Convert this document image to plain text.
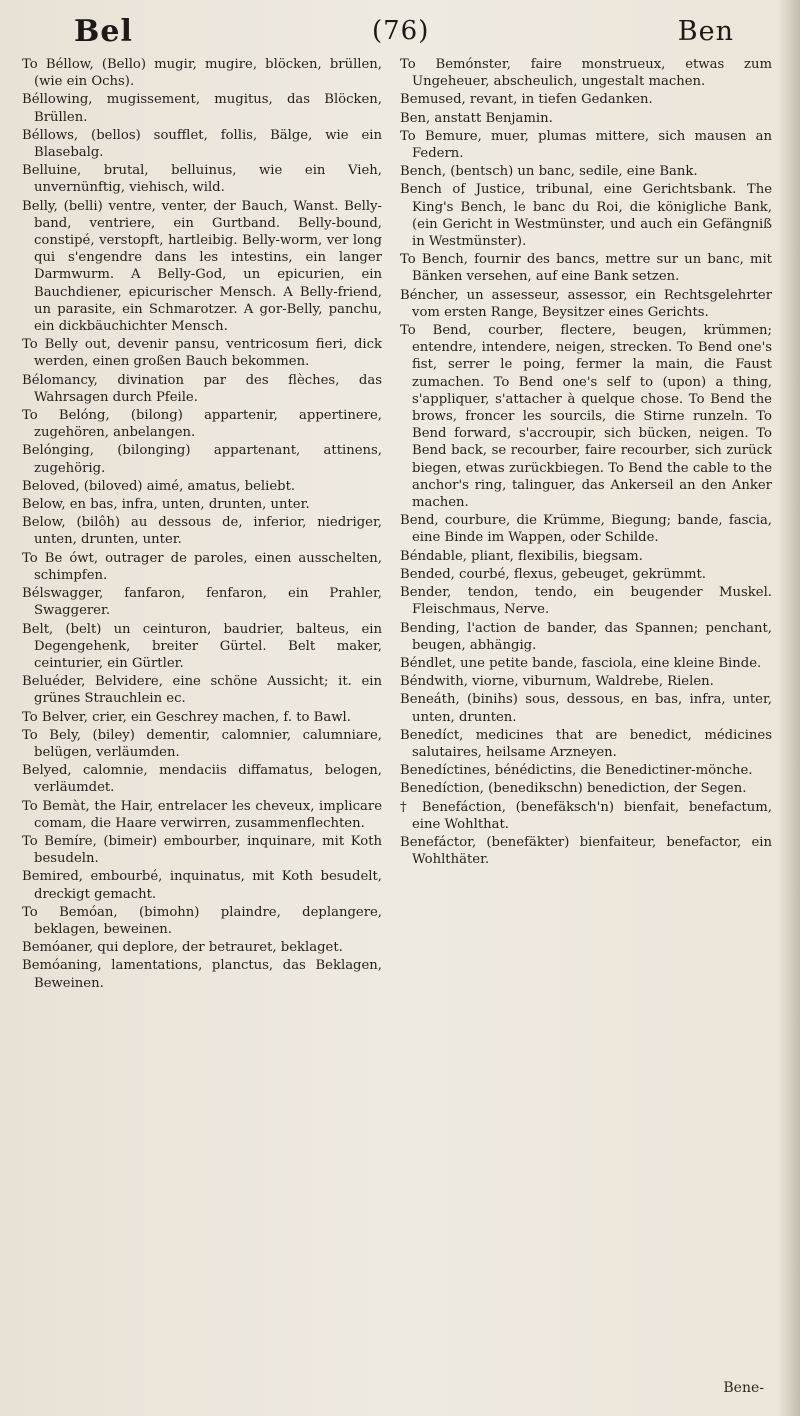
Bel	(76)	Ben

To Béllow, (Bello) mugir, mugire, blöcken, brüllen, (wie ein Ochs).

Béllowing, mugissement, mugitus, das Blöcken, Brüllen.

Béllows, (bellos) soufflet, follis, Bälge, wie ein Blasebalg.

Belluine, brutal, belluinus, wie ein Vieh, unvernünftig, viehisch, wild.

Belly, (belli) ventre, venter, der Bauch, Wanst. Belly-band, ventriere, ein Gurtband. Belly-bound, constipé, verstopft, hartleibig. Belly-worm, ver long qui s'engendre dans les intestins, ein langer Darmwurm. A Belly-God, un epicurien, ein Bauchdiener, epicurischer Mensch. A Belly-friend, un parasite, ein Schmarotzer. A gor-Belly, panchu, ein dickbäuchichter Mensch.

To Belly out, devenir pansu, ventricosum fieri, dick werden, einen großen Bauch bekommen.

Bélomancy, divination par des flèches, das Wahrsagen durch Pfeile.

To Belóng, (bilong) appartenir, appertinere, zugehören, anbelangen.

Belónging, (bilonging) appartenant, attinens, zugehörig.

Beloved, (biloved) aimé, amatus, beliebt.

Below, en bas, infra, unten, drunten, unter.

Below, (bilôh) au dessous de, inferior, niedriger, unten, drunten, unter.

To Be ówt, outrager de paroles, einen ausschelten, schimpfen.

Bélswagger, fanfaron, fenfaron, ein Prahler, Swaggerer.

Belt, (belt) un ceinturon, baudrier, balteus, ein Degengehenk, breiter Gürtel. Belt maker, ceinturier, ein Gürtler.

Beluéder, Belvidere, eine schöne Aussicht; it. ein grünes Strauchlein ec.

To Belver, crier, ein Geschrey machen, f. to Bawl.

To Bely, (biley) dementir, calomnier, calumniare, belügen, verläumden.

Belyed, calomnie, mendaciis diffamatus, belogen, verläumdet.

To Bemàt, the Hair, entrelacer les cheveux, implicare comam, die Haare verwirren, zusammenflechten.

To Bemíre, (bimeir) embourber, inquinare, mit Koth besudeln.

Bemired, embourbé, inquinatus, mit Koth besudelt, dreckigt gemacht.

To Bemóan, (bimohn) plaindre, deplangere, beklagen, beweinen.

Bemóaner, qui deplore, der betrauret, beklaget.

Bemóaning, lamentations, planctus, das Beklagen, Beweinen.

To Bemónster, faire monstrueux, etwas zum Ungeheuer, abscheulich, ungestalt machen.

Bemused, revant, in tiefen Gedanken.

Ben, anstatt Benjamin.

To Bemure, muer, plumas mittere, sich mausen an Federn.

Bench, (bentsch) un banc, sedile, eine Bank.

Bench of Justice, tribunal, eine Gerichtsbank. The King's Bench, le banc du Roi, die königliche Bank, (ein Gericht in Westmünster, und auch ein Gefängniß in Westmünster).

To Bench, fournir des bancs, mettre sur un banc, mit Bänken versehen, auf eine Bank setzen.

Béncher, un assesseur, assessor, ein Rechtsgelehrter vom ersten Range, Beysitzer eines Gerichts.

To Bend, courber, flectere, beugen, krümmen; entendre, intendere, neigen, strecken. To Bend one's fist, serrer le poing, fermer la main, die Faust zumachen. To Bend one's self to (upon) a thing, s'appliquer, s'attacher à quelque chose. To Bend the brows, froncer les sourcils, die Stirne runzeln. To Bend forward, s'accroupir, sich bücken, neigen. To Bend back, se recourber, faire recourber, sich zurück biegen, etwas zurückbiegen. To Bend the cable to the anchor's ring, talinguer, das Ankerseil an den Anker machen.

Bend, courbure, die Krümme, Biegung; bande, fascia, eine Binde im Wappen, oder Schilde.

Béndable, pliant, flexibilis, biegsam.

Bended, courbé, flexus, gebeuget, gekrümmt.

Bender, tendon, tendo, ein beugender Muskel. Fleischmaus, Nerve.

Bending, l'action de bander, das Spannen; penchant, beugen, abhängig.

Béndlet, une petite bande, fasciola, eine kleine Binde.

Béndwith, viorne, viburnum, Waldrebe, Rielen.

Beneáth, (binihs) sous, dessous, en bas, infra, unter, unten, drunten.

Benedíct, medicines that are benedict, médicines salutaires, heilsame Arzneyen.

Benedíctines, bénédictins, die Benedictiner-mönche.

Benedíction, (benedikschn) benediction, der Segen.

† Benefáction, (benefäksch'n) bienfait, benefactum, eine Wohlthat.

Benefáctor, (benefäkter) bienfaiteur, benefactor, ein Wohlthäter.

Bene-
